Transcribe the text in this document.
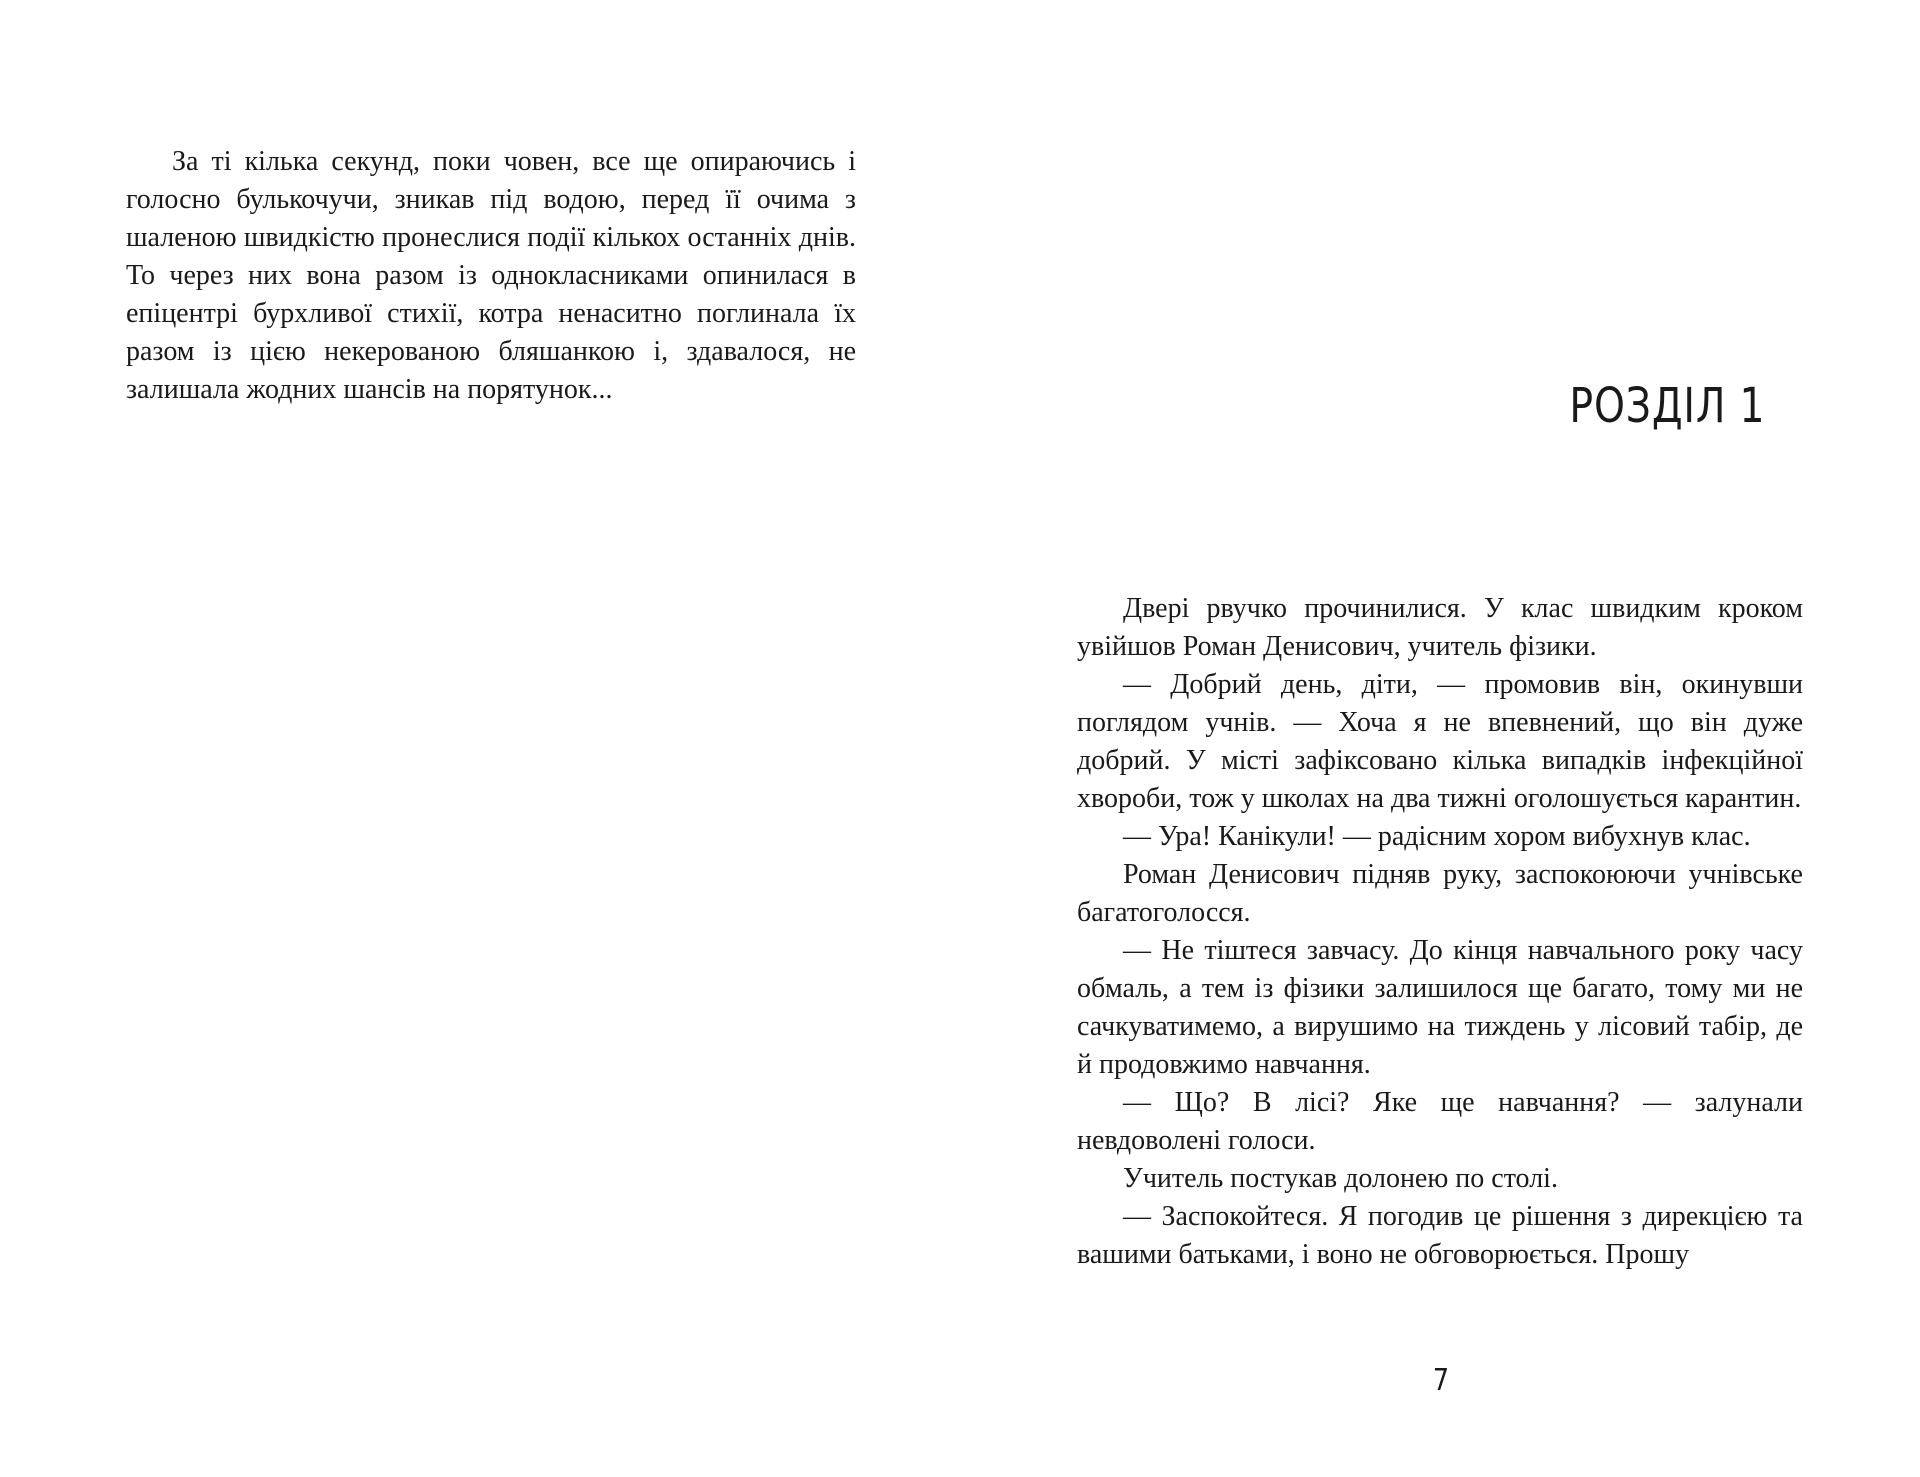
За ті кілька секунд, поки човен, все ще опираючись і голосно булькочучи, зникав під водою, перед її очима з шаленою швидкістю пронеслися події кількох останніх днів. То через них вона разом із однокласниками опинилася в епіцентрі бурхливої стихії, котра ненаситно поглинала їх разом із цією некерованою бляшанкою і, здавалося, не залишала жодних шансів на порятунок...	РОЗДІЛ 1

Двері рвучко прочинилися. У клас швидким кроком увійшов Роман Денисович, учитель фізики.

— Добрий день, діти, — промовив він, окинувши поглядом учнів. — Хоча я не впевнений, що він дуже добрий. У місті зафіксовано кілька випадків інфекційної хвороби, тож у школах на два тижні оголошується карантин.

— Ура! Канікули! — радісним хором вибухнув клас.

Роман Денисович підняв руку, заспокоюючи учнівське багатоголосся.

— Не тіштеся завчасу. До кінця навчального року часу обмаль, а тем із фізики залишилося ще багато, тому ми не сачкуватимемо, а вирушимо на тиждень у лісовий табір, де й продовжимо навчання.

— Що? В лісі? Яке ще навчання? — залунали невдоволені голоси.

Учитель постукав долонею по столі.

— Заспокойтеся. Я погодив це рішення з дирекцією та вашими батьками, і воно не обговорюється. Прошу

7
